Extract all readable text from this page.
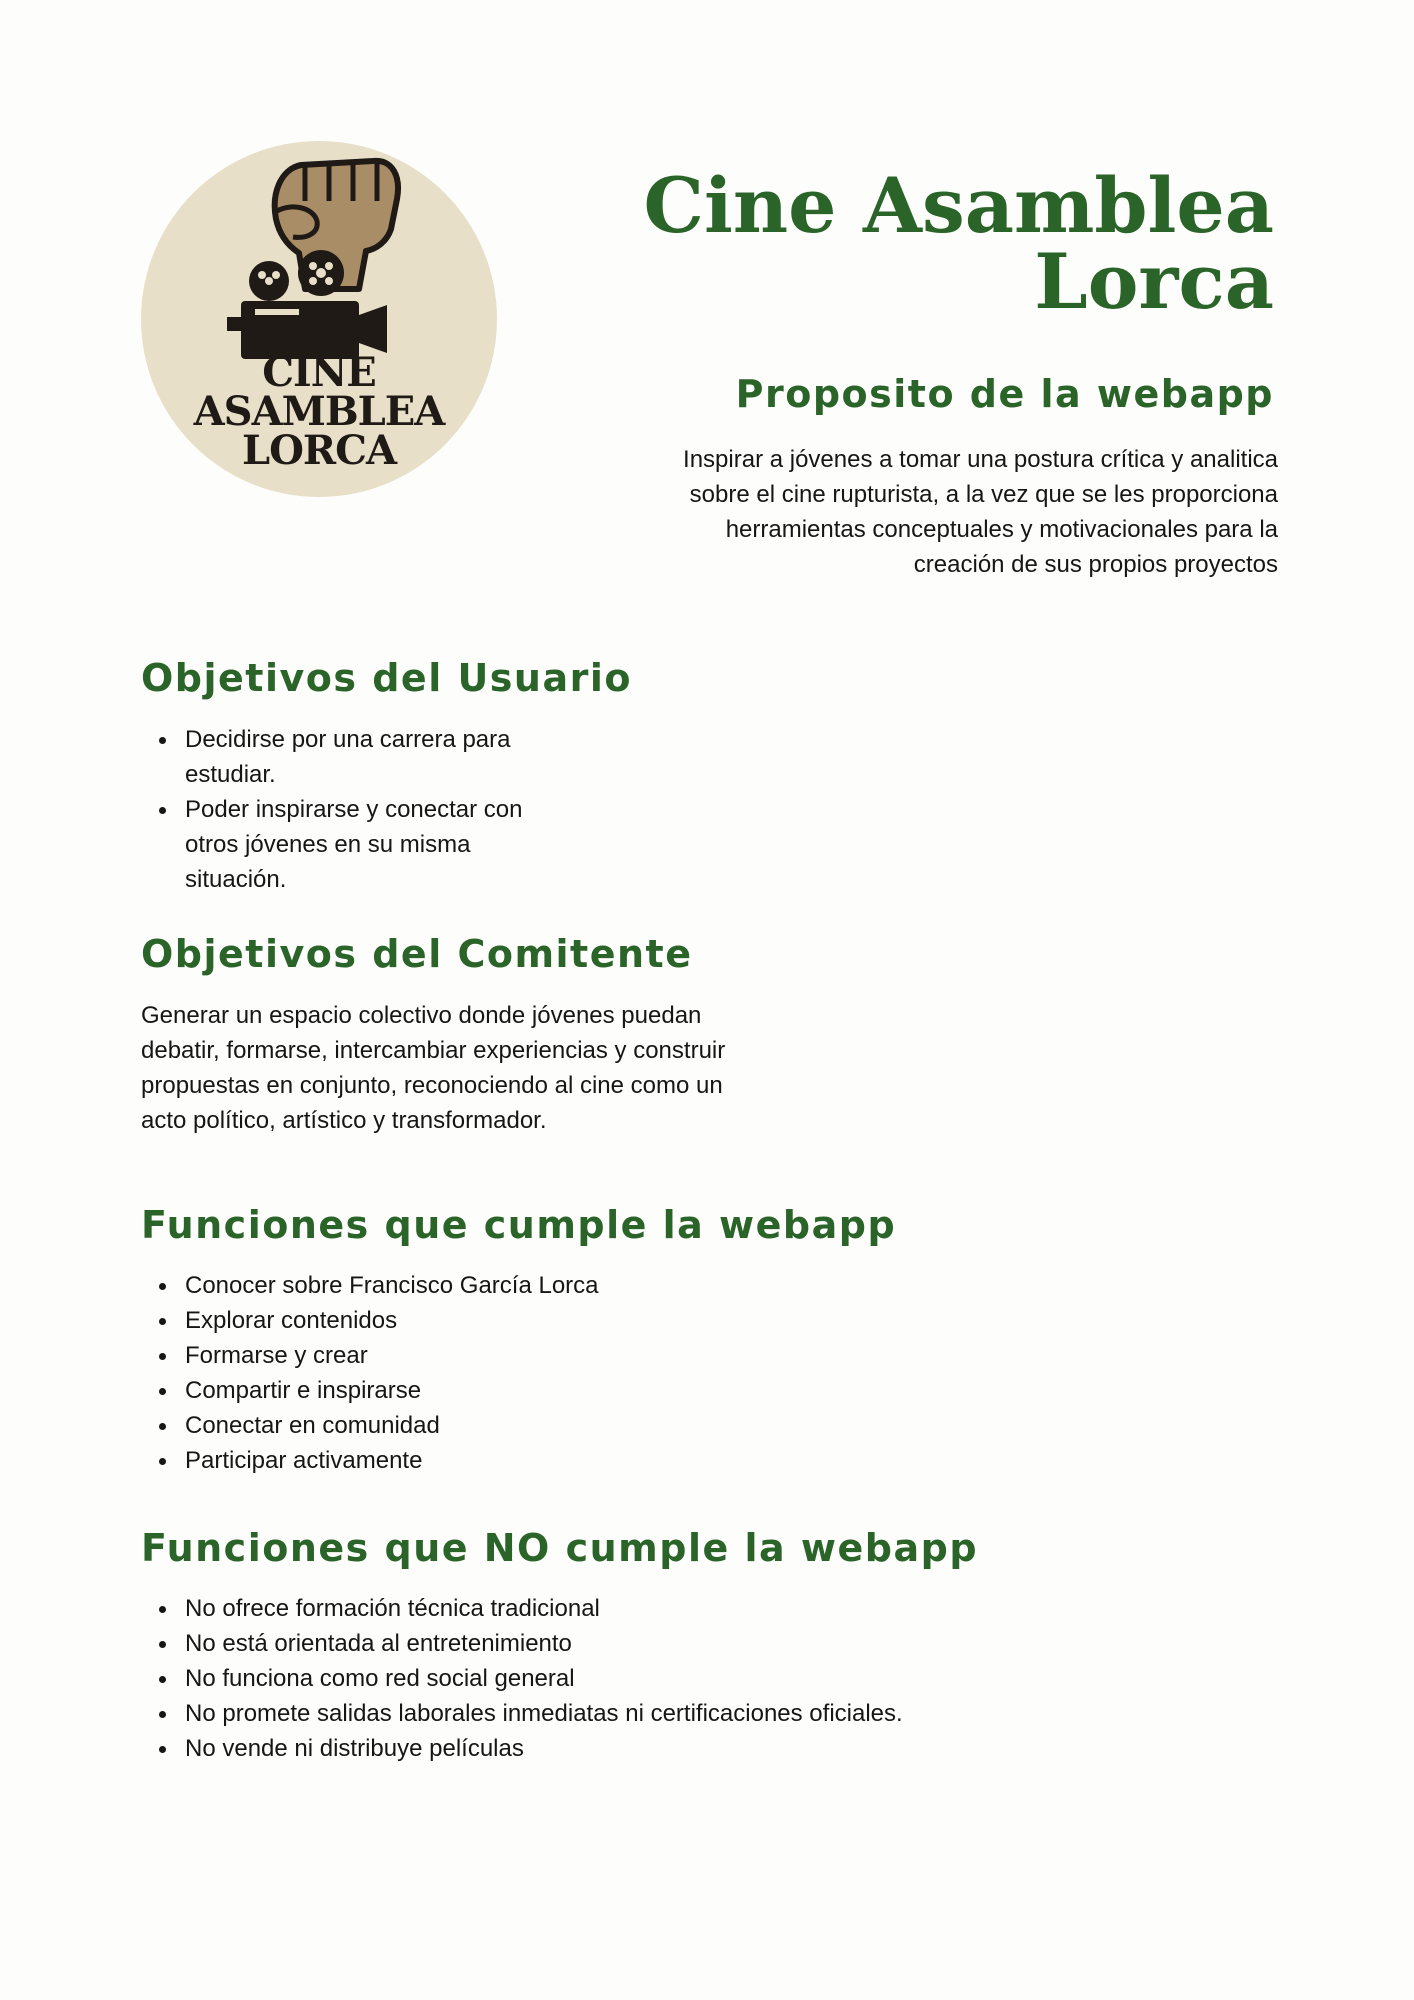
CINE
ASAMBLEA
LORCA
Cine Asamblea
Lorca
Proposito de la webapp
Inspirar a jóvenes a tomar una postura crítica y analitica
sobre el cine rupturista, a la vez que se les proporciona
herramientas conceptuales y motivacionales para la
creación de sus propios proyectos
Objetivos del Usuario
Decidirse por una carrera para
estudiar.
Poder inspirarse y conectar con
otros jóvenes en su misma
situación.
Objetivos del Comitente
Generar un espacio colectivo donde jóvenes puedan
debatir, formarse, intercambiar experiencias y construir
propuestas en conjunto, reconociendo al cine como un
acto político, artístico y transformador.
Funciones que cumple la webapp
Conocer sobre Francisco García Lorca
Explorar contenidos
Formarse y crear
Compartir e inspirarse
Conectar en comunidad
Participar activamente
Funciones que NO cumple la webapp
No ofrece formación técnica tradicional
No está orientada al entretenimiento
No funciona como red social general
No promete salidas laborales inmediatas ni certificaciones oficiales.
No vende ni distribuye películas
